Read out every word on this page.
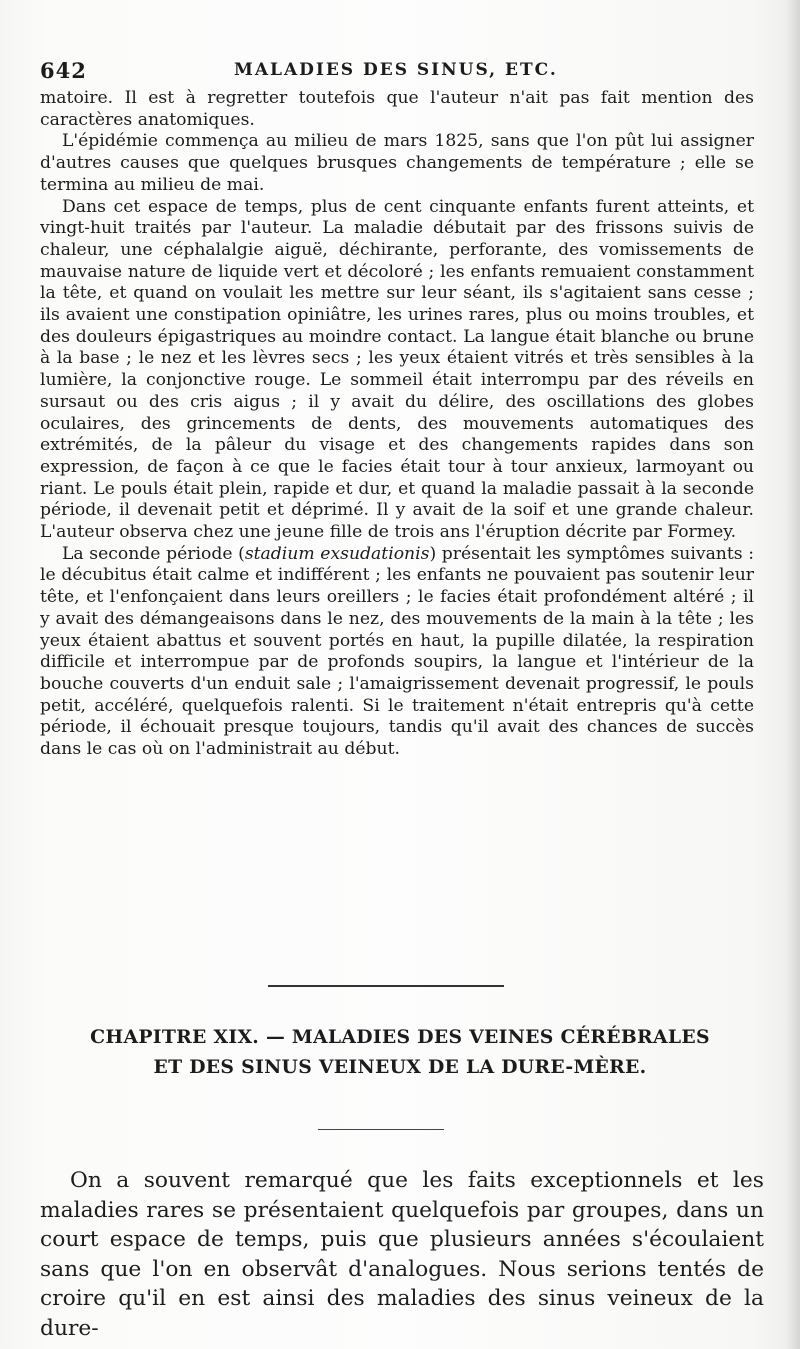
642	MALADIES DES SINUS, ETC.

matoire. Il est à regretter toutefois que l'auteur n'ait pas fait mention des caractères anatomiques.

L'épidémie commença au milieu de mars 1825, sans que l'on pût lui assigner d'autres causes que quelques brusques changements de température ; elle se termina au milieu de mai.

Dans cet espace de temps, plus de cent cinquante enfants furent atteints, et vingt-huit traités par l'auteur. La maladie débutait par des frissons suivis de chaleur, une céphalalgie aiguë, déchirante, perforante, des vomissements de mauvaise nature de liquide vert et décoloré ; les enfants remuaient constamment la tête, et quand on voulait les mettre sur leur séant, ils s'agitaient sans cesse ; ils avaient une constipation opiniâtre, les urines rares, plus ou moins troubles, et des douleurs épigastriques au moindre contact. La langue était blanche ou brune à la base ; le nez et les lèvres secs ; les yeux étaient vitrés et très sensibles à la lumière, la conjonctive rouge. Le sommeil était interrompu par des réveils en sursaut ou des cris aigus ; il y avait du délire, des oscillations des globes oculaires, des grincements de dents, des mouvements automatiques des extrémités, de la pâleur du visage et des changements rapides dans son expression, de façon à ce que le facies était tour à tour anxieux, larmoyant ou riant. Le pouls était plein, rapide et dur, et quand la maladie passait à la seconde période, il devenait petit et déprimé. Il y avait de la soif et une grande chaleur. L'auteur observa chez une jeune fille de trois ans l'éruption décrite par Formey.

La seconde période (stadium exsudationis) présentait les symptômes suivants : le décubitus était calme et indifférent ; les enfants ne pouvaient pas soutenir leur tête, et l'enfonçaient dans leurs oreillers ; le facies était profondément altéré ; il y avait des démangeaisons dans le nez, des mouvements de la main à la tête ; les yeux étaient abattus et souvent portés en haut, la pupille dilatée, la respiration difficile et interrompue par de profonds soupirs, la langue et l'intérieur de la bouche couverts d'un enduit sale ; l'amaigrissement devenait progressif, le pouls petit, accéléré, quelquefois ralenti. Si le traitement n'était entrepris qu'à cette période, il échouait presque toujours, tandis qu'il avait des chances de succès dans le cas où on l'administrait au début.

CHAPITRE XIX. — MALADIES DES VEINES CÉRÉBRALES
ET DES SINUS VEINEUX DE LA DURE-MÈRE.

On a souvent remarqué que les faits exceptionnels et les maladies rares se présentaient quelquefois par groupes, dans un court espace de temps, puis que plusieurs années s'écoulaient sans que l'on en observât d'analogues. Nous serions tentés de croire qu'il en est ainsi des maladies des sinus veineux de la dure-
